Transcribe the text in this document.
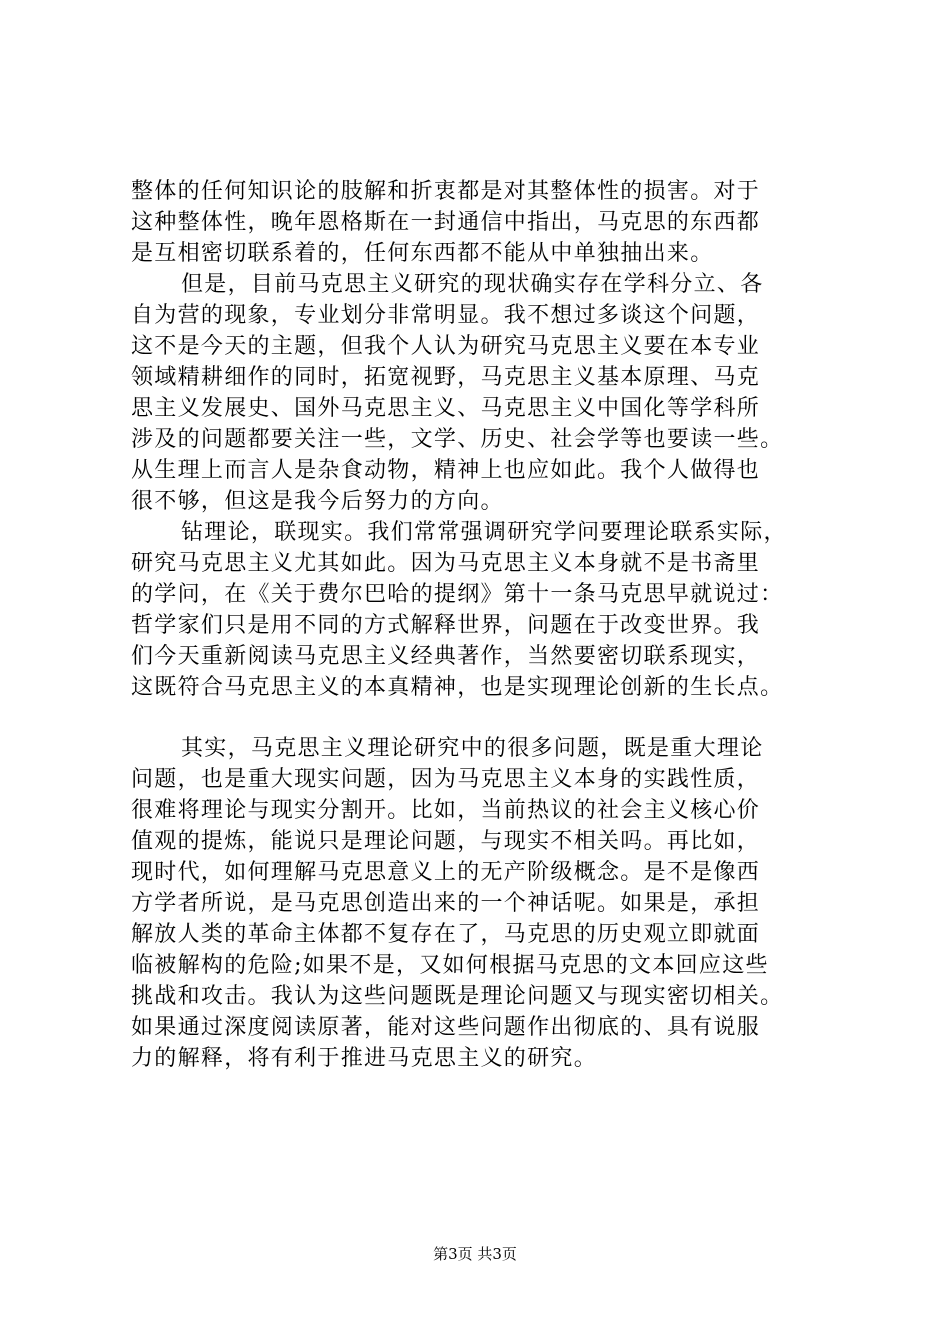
整体的任何知识论的肢解和折衷都是对其整体性的损害。对于
这种整体性，晚年恩格斯在一封通信中指出，马克思的东西都
是互相密切联系着的，任何东西都不能从中单独抽出来。
但是，目前马克思主义研究的现状确实存在学科分立、各
自为营的现象，专业划分非常明显。我不想过多谈这个问题，
这不是今天的主题，但我个人认为研究马克思主义要在本专业
领域精耕细作的同时，拓宽视野，马克思主义基本原理、马克
思主义发展史、国外马克思主义、马克思主义中国化等学科所
涉及的问题都要关注一些，文学、历史、社会学等也要读一些。
从生理上而言人是杂食动物，精神上也应如此。我个人做得也
很不够，但这是我今后努力的方向。
钻理论，联现实。我们常常强调研究学问要理论联系实际，
研究马克思主义尤其如此。因为马克思主义本身就不是书斋里
的学问，在《关于费尔巴哈的提纲》第十一条马克思早就说过：
哲学家们只是用不同的方式解释世界，问题在于改变世界。我
们今天重新阅读马克思主义经典著作，当然要密切联系现实，
这既符合马克思主义的本真精神，也是实现理论创新的生长点。
其实，马克思主义理论研究中的很多问题，既是重大理论
问题，也是重大现实问题，因为马克思主义本身的实践性质，
很难将理论与现实分割开。比如，当前热议的社会主义核心价
值观的提炼，能说只是理论问题，与现实不相关吗。再比如，
现时代，如何理解马克思意义上的无产阶级概念。是不是像西
方学者所说，是马克思创造出来的一个神话呢。如果是，承担
解放人类的革命主体都不复存在了，马克思的历史观立即就面
临被解构的危险;如果不是，又如何根据马克思的文本回应这些
挑战和攻击。我认为这些问题既是理论问题又与现实密切相关。
如果通过深度阅读原著，能对这些问题作出彻底的、具有说服
力的解释，将有利于推进马克思主义的研究。
第3页 共3页
